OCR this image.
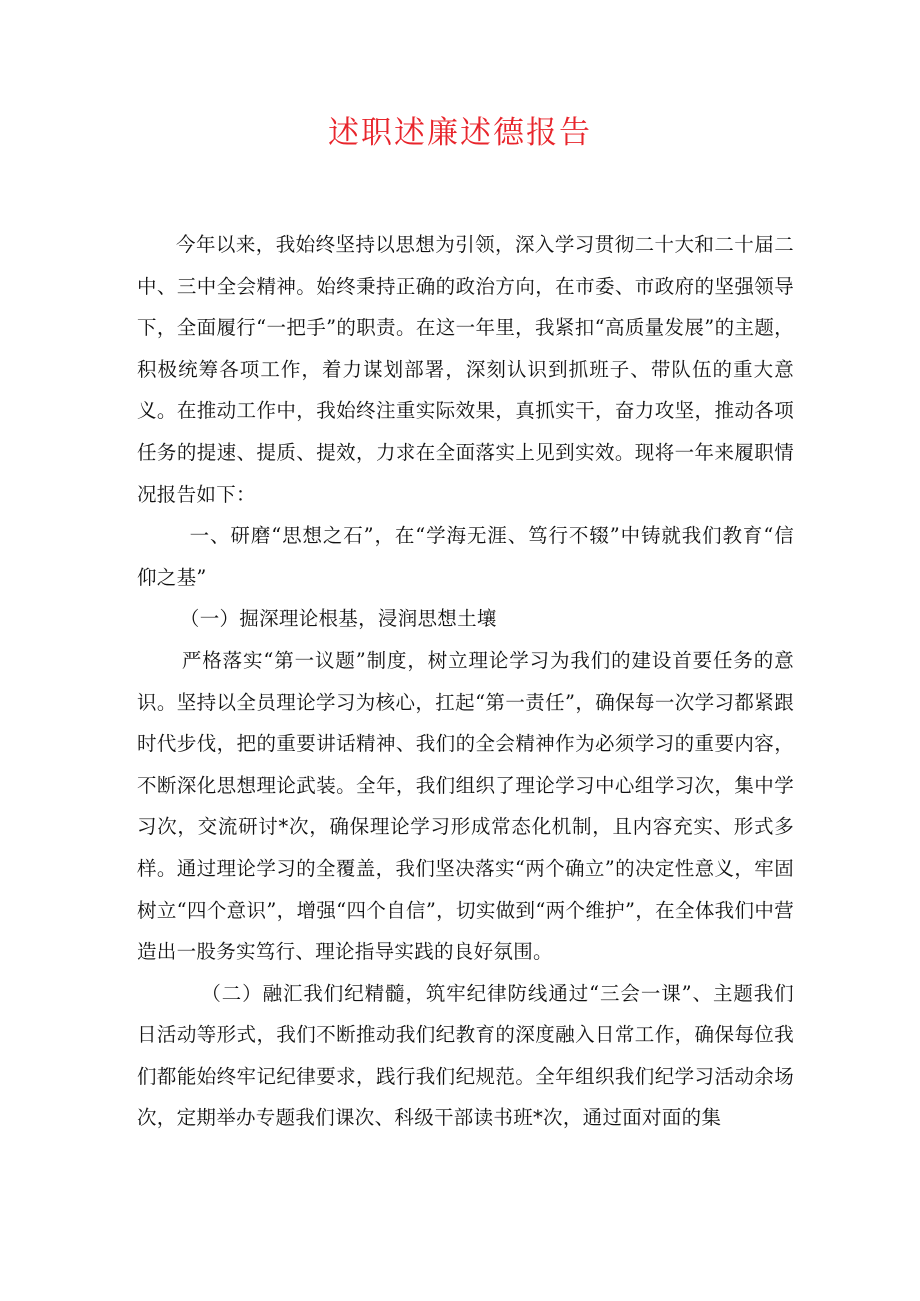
述职述廉述德报告

今年以来，我始终坚持以思想为引领，深入学习贯彻二十大和二十届二中、三中全会精神。始终秉持正确的政治方向，在市委、市政府的坚强领导下，全面履行“一把手”的职责。在这一年里，我紧扣“高质量发展”的主题，积极统筹各项工作，着力谋划部署，深刻认识到抓班子、带队伍的重大意义。在推动工作中，我始终注重实际效果，真抓实干，奋力攻坚，推动各项任务的提速、提质、提效，力求在全面落实上见到实效。现将一年来履职情况报告如下：

一、研磨“思想之石”，在“学海无涯、笃行不辍”中铸就我们教育“信仰之基”

（一）掘深理论根基，浸润思想土壤

严格落实“第一议题”制度，树立理论学习为我们的建设首要任务的意识。坚持以全员理论学习为核心，扛起“第一责任”，确保每一次学习都紧跟时代步伐，把的重要讲话精神、我们的全会精神作为必须学习的重要内容，不断深化思想理论武装。全年，我们组织了理论学习中心组学习次，集中学习次，交流研讨*次，确保理论学习形成常态化机制，且内容充实、形式多样。通过理论学习的全覆盖，我们坚决落实“两个确立”的决定性意义，牢固树立“四个意识”，增强“四个自信”，切实做到“两个维护”，在全体我们中营造出一股务实笃行、理论指导实践的良好氛围。

（二）融汇我们纪精髓，筑牢纪律防线通过“三会一课”、主题我们日活动等形式，我们不断推动我们纪教育的深度融入日常工作，确保每位我们都能始终牢记纪律要求，践行我们纪规范。全年组织我们纪学习活动余场次，定期举办专题我们课次、科级干部读书班*次，通过面对面的集
